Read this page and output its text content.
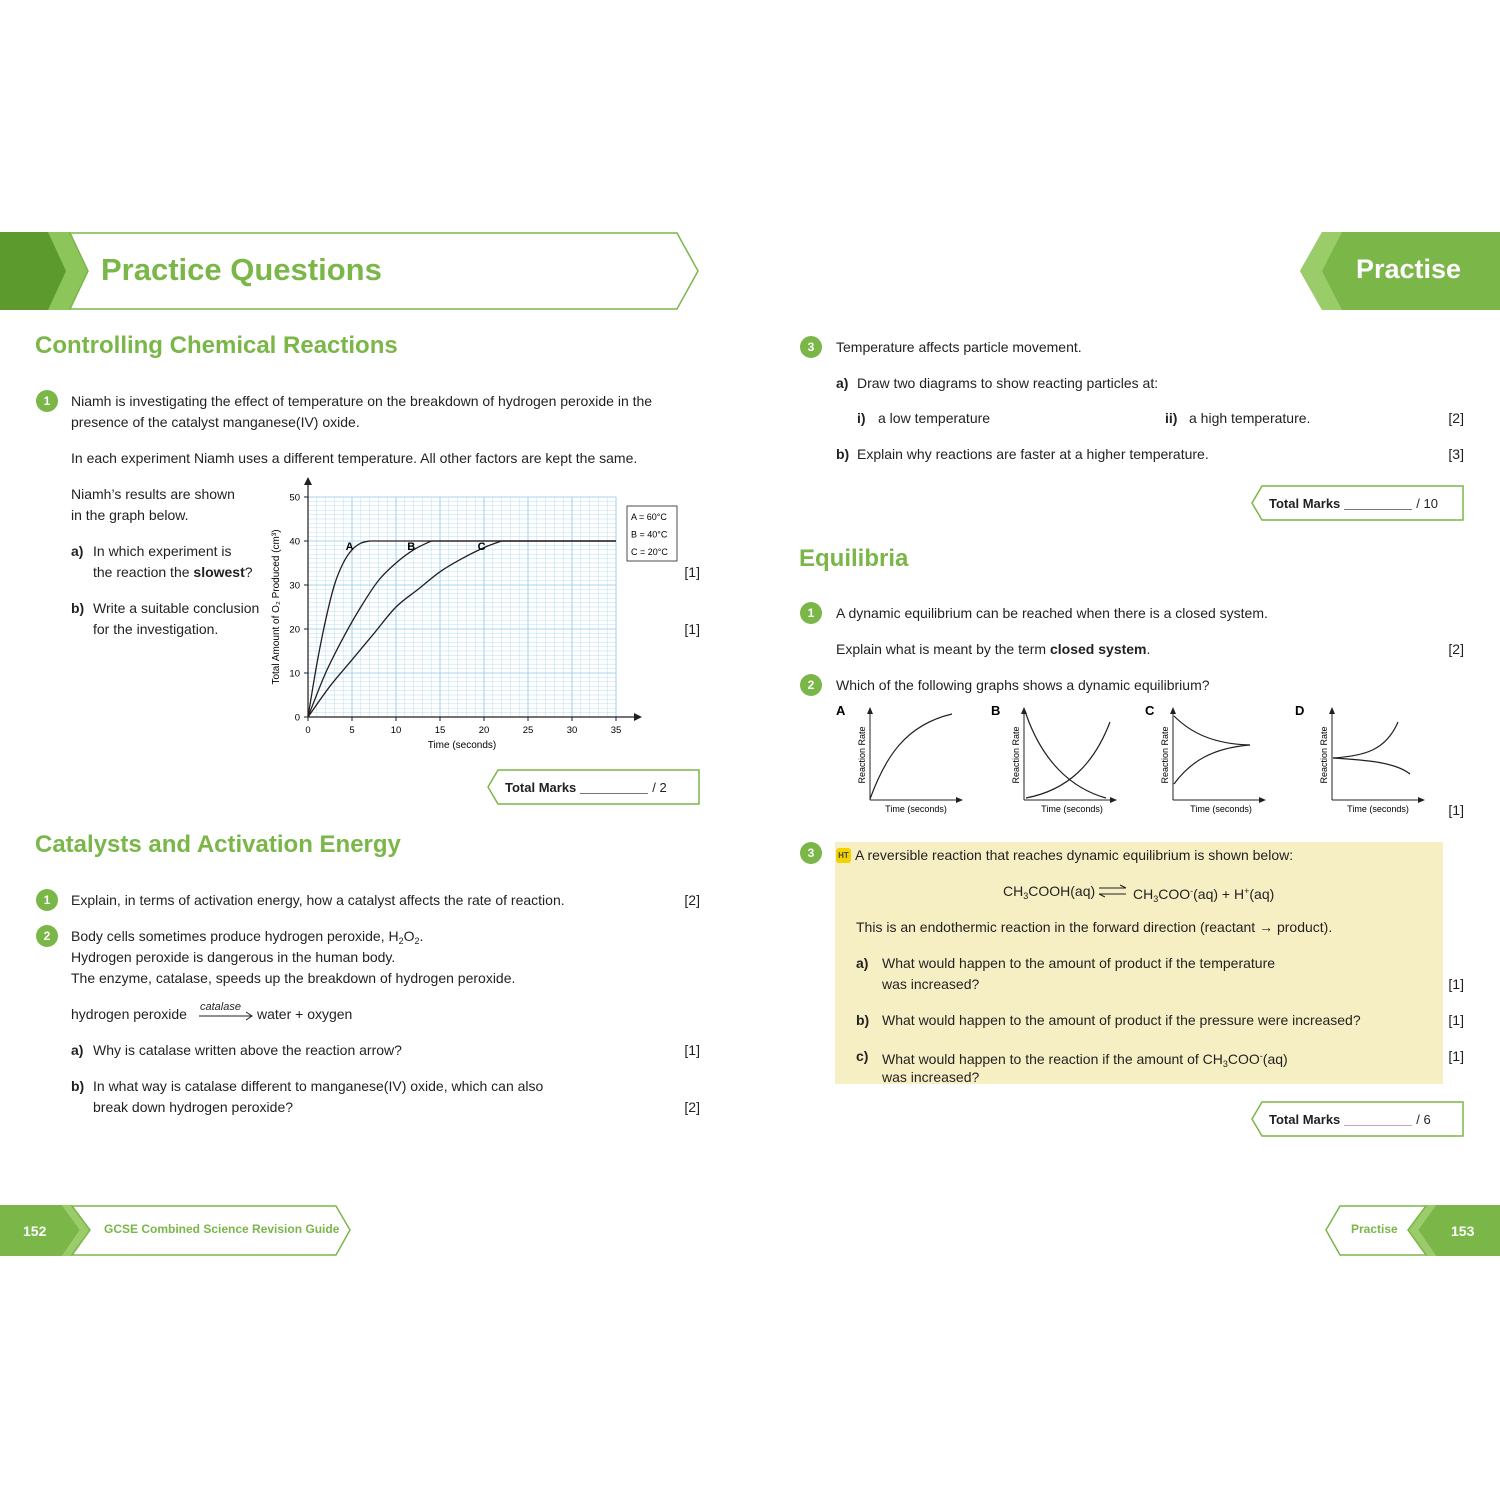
Practice Questions	Practise
Controlling Chemical Reactions
1	Niamh is investigating the effect of temperature on the breakdown of hydrogen peroxide in the
presence of the catalyst manganese(IV) oxide.
In each experiment Niamh uses a different temperature. All other factors are kept the same.
Niamh’s results are shown
in the graph below.
a) In which experiment is
the reaction the slowest?	[1]
b) Write a suitable conclusion
for the investigation.	[1]
0	5	10	15	20	25	30	35
0
10
20
30
40
50
Time (seconds)
Total Amount of O₂ Produced (cm³)	A	B	C
A = 60°C
B = 40°C
C = 20°C
Total Marks	/ 2
Catalysts and Activation Energy
1	Explain, in terms of activation energy, how a catalyst affects the rate of reaction.	[2]
2	Body cells sometimes produce hydrogen peroxide, $H_2O_2$.
Hydrogen peroxide is dangerous in the human body.
The enzyme, catalase, speeds up the breakdown of hydrogen peroxide.
hydrogen peroxide catalase → water + oxygen
a) Why is catalase written above the reaction arrow?	[1]
b) In what way is catalase different to manganese(IV) oxide, which can also
break down hydrogen peroxide?	[2]
3	Temperature affects particle movement.
a) Draw two diagrams to show reacting particles at:
i) a low temperature	ii) a high temperature.	[2]
b) Explain why reactions are faster at a higher temperature.	[3]
Total Marks	/ 10
Equilibria
1	A dynamic equilibrium can be reached when there is a closed system.
Explain what is meant by the term closed system.	[2]
2	Which of the following graphs shows a dynamic equilibrium?
A
Reaction Rate
Time (seconds)
B
Reaction Rate
Time (seconds)
C
Reaction Rate
Time (seconds)
D
Reaction Rate
Time (seconds)	[1]
3	HT A reversible reaction that reaches dynamic equilibrium is shown below:
$CH_3COOH(aq)$ ⇌ $CH_3COO^-(aq) + H^+(aq)$
This is an endothermic reaction in the forward direction (reactant → product).
a) What would happen to the amount of product if the temperature
was increased?	[1]
b) What would happen to the amount of product if the pressure were increased?	[1]
c) What would happen to the reaction if the amount of $CH_3COO^-(aq)$
was increased?
[1]
Total Marks	/ 6
152	GCSE Combined Science Revision Guide	Practise	153
